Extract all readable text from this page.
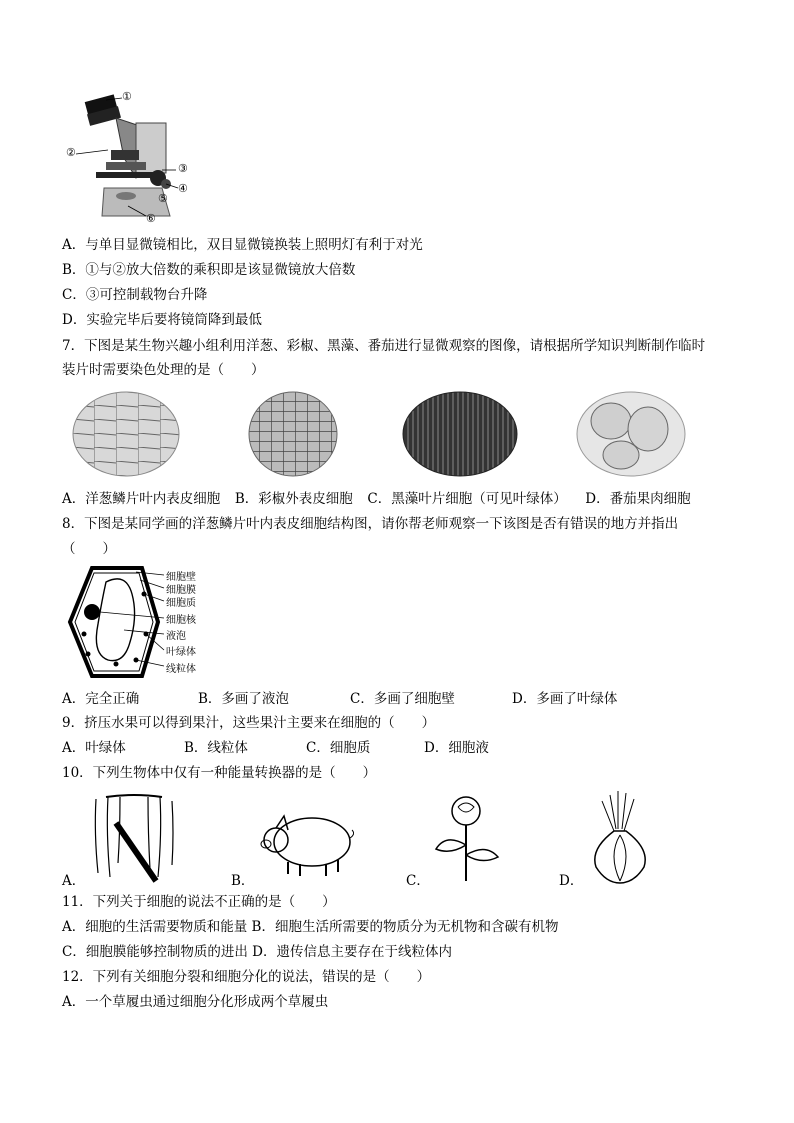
①
②
③
④
⑤
⑥
A．与单目显微镜相比，双目显微镜换装上照明灯有利于对光
B．①与②放大倍数的乘积即是该显微镜放大倍数
C．③可控制载物台升降
D．实验完毕后要将镜筒降到最低
7．下图是某生物兴趣小组利用洋葱、彩椒、黑藻、番茄进行显微观察的图像，请根据所学知识判断制作临时
装片时需要染色处理的是（　　）
A．洋葱鳞片叶内表皮细胞 B．彩椒外表皮细胞 C．黑藻叶片细胞（可见叶绿体） D．番茄果肉细胞
8．下图是某同学画的洋葱鳞片叶内表皮细胞结构图，请你帮老师观察一下该图是否有错误的地方并指出
（　　）
细胞壁
细胞膜
细胞质
细胞核
液泡
叶绿体
线粒体
A．完全正确	B．多画了液泡	C．多画了细胞壁	D．多画了叶绿体
9．挤压水果可以得到果汁，这些果汁主要来在细胞的（　　）
A．叶绿体	B．线粒体	C．细胞质	D．细胞液
10．下列生物体中仅有一种能量转换器的是（　　）
A．	B．	C．	D．
11．下列关于细胞的说法不正确的是（　　）
A．细胞的生活需要物质和能量 B．细胞生活所需要的物质分为无机物和含碳有机物
C．细胞膜能够控制物质的进出 D．遗传信息主要存在于线粒体内
12．下列有关细胞分裂和细胞分化的说法，错误的是（　　）
A．一个草履虫通过细胞分化形成两个草履虫
